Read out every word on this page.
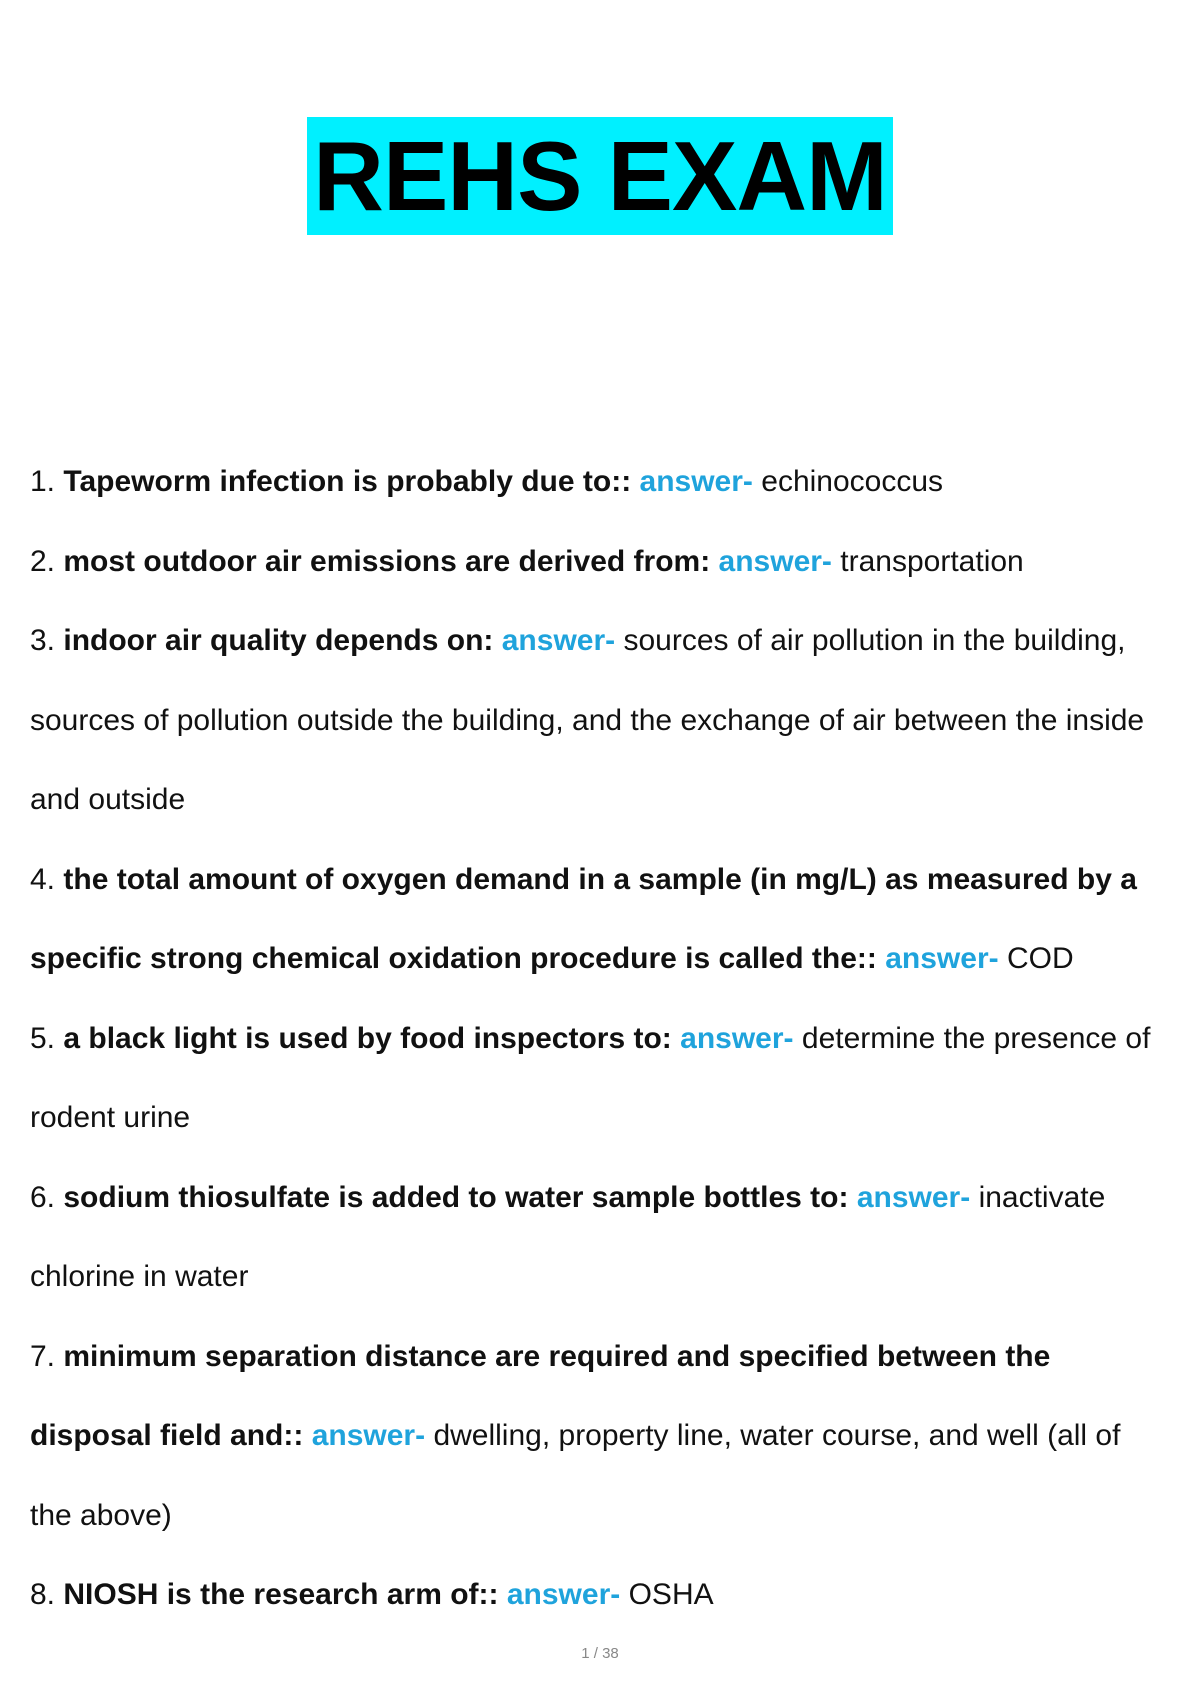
REHS EXAM
1. Tapeworm infection is probably due to:: answer- echinococcus
2. most outdoor air emissions are derived from: answer- transportation
3. indoor air quality depends on: answer- sources of air pollution in the building, sources of pollution outside the building, and the exchange of air between the inside and outside
4. the total amount of oxygen demand in a sample (in mg/L) as measured by a specific strong chemical oxidation procedure is called the:: answer- COD
5. a black light is used by food inspectors to: answer- determine the presence of rodent urine
6. sodium thiosulfate is added to water sample bottles to: answer- inactivate chlorine in water
7. minimum separation distance are required and specified between the disposal field and:: answer- dwelling, property line, water course, and well (all of the above)
8. NIOSH is the research arm of:: answer- OSHA
1 / 38
